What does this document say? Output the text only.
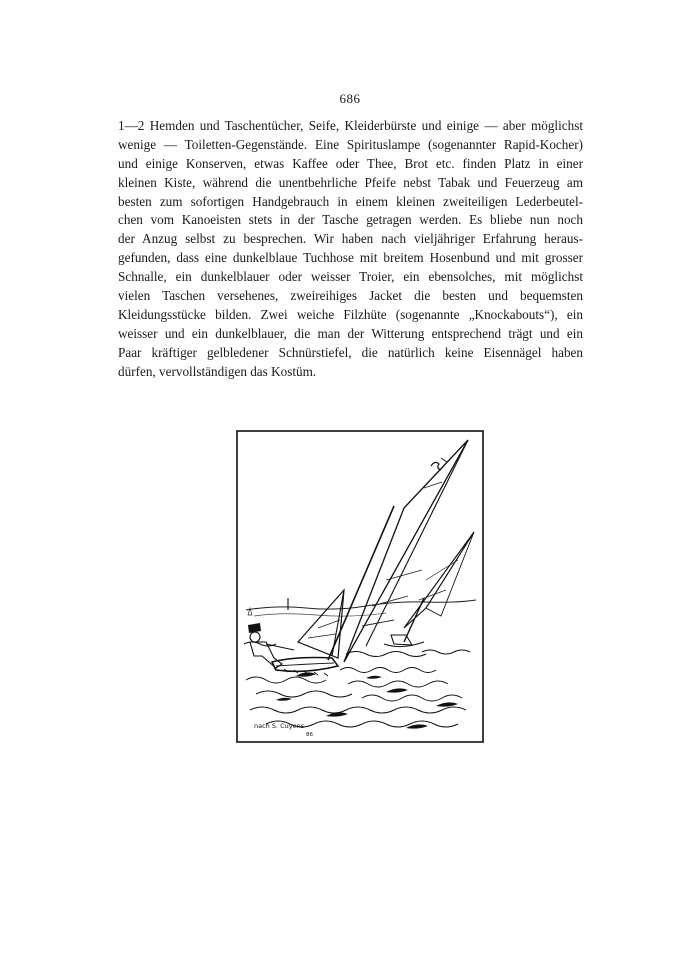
686
1—2 Hemden und Taschentücher, Seife, Kleiderbürste und einige — aber möglichst
wenige — Toiletten-Gegenstände. Eine Spirituslampe (sogenannter Rapid-Kocher)
und einige Konserven, etwas Kaffee oder Thee, Brot etc. finden Platz in einer
kleinen Kiste, während die unentbehrliche Pfeife nebst Tabak und Feuerzeug am
besten zum sofortigen Handgebrauch in einem kleinen zweiteiligen Lederbeutel-
chen vom Kanoeisten stets in der Tasche getragen werden. Es bliebe nun noch
der Anzug selbst zu besprechen. Wir haben nach vieljähriger Erfahrung heraus-
gefunden, dass eine dunkelblaue Tuchhose mit breitem Hosenbund und mit grosser
Schnalle, ein dunkelblauer oder weisser Troier, ein ebensolches, mit möglichst
vielen Taschen versehenes, zweireihiges Jacket die besten und bequemsten
Kleidungsstücke bilden. Zwei weiche Filzhüte (sogenannte „Knockabouts“), ein
weisser und ein dunkelblauer, die man der Witterung entsprechend trägt und ein
Paar kräftiger gelbledener Schnürstiefel, die natürlich keine Eisennägel haben
dürfen, vervollständigen das Kostüm.
nach S. Cuyens
86
